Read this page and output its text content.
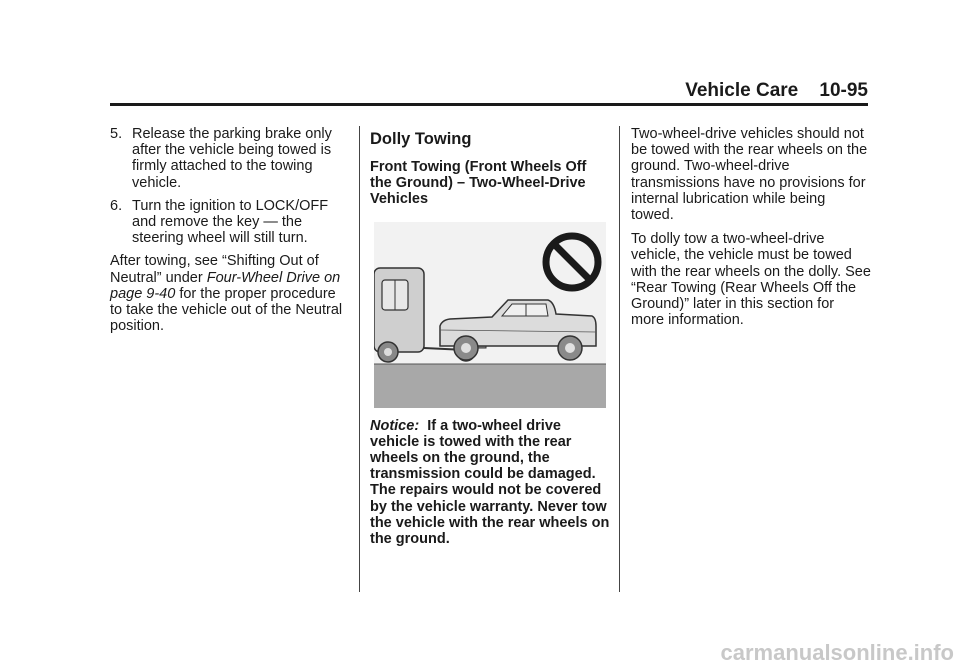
Vehicle Care 10-95
5. Release the parking brake only after the vehicle being towed is firmly attached to the towing vehicle.
6. Turn the ignition to LOCK/OFF and remove the key — the steering wheel will still turn.

After towing, see “Shifting Out of Neutral” under Four-Wheel Drive on page 9-40 for the proper procedure to take the vehicle out of the Neutral position.

Dolly Towing
Front Towing (Front Wheels Off the Ground) – Two-Wheel-Drive Vehicles
Notice: If a two-wheel drive vehicle is towed with the rear wheels on the ground, the transmission could be damaged. The repairs would not be covered by the vehicle warranty. Never tow the vehicle with the rear wheels on the ground.

Two-wheel-drive vehicles should not be towed with the rear wheels on the ground. Two-wheel-drive transmissions have no provisions for internal lubrication while being towed.

To dolly tow a two-wheel-drive vehicle, the vehicle must be towed with the rear wheels on the dolly. See “Rear Towing (Rear Wheels Off the Ground)” later in this section for more information.

carmanualsonline.info
